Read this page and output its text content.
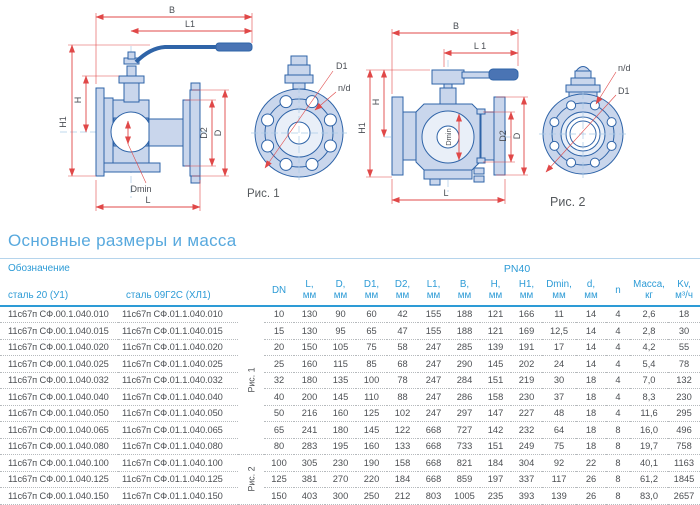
B
L1
H1
H
D2 D
Dmin
L
D1
n/d
Рис. 1
B
L 1
H1
H
Dmin	D2 D
L
n/d
D1
Рис. 2
Основные размеры и масса
Обозначение			PN40													
сталь 20 (У1)	сталь 09Г2С (ХЛ1)		DN

L,
мм

D,
мм

D1,
мм

D2,
мм

L1,
мм

B,
мм

H,
мм

H1,
мм

Dmin,
мм

d,
мм

n

Масса,
кг

Kv,
м³/ч

11с67п СФ.00.1.040.010	11с67п СФ.01.1.040.010	Рис. 1	10	130	90	60	42	155	188	121	166	11	14	4	2,6	18
11с67п СФ.00.1.040.015	11с67п СФ.01.1.040.015		15	130	95	65	47	155	188	121	169	12,5	14	4	2,8	30
11с67п СФ.00.1.040.020	11с67п СФ.01.1.040.020		20	150	105	75	58	247	285	139	191	17	14	4	4,2	55
11с67п СФ.00.1.040.025	11с67п СФ.01.1.040.025		25	160	115	85	68	247	290	145	202	24	14	4	5,4	78
11с67п СФ.00.1.040.032	11с67п СФ.01.1.040.032		32	180	135	100	78	247	284	151	219	30	18	4	7,0	132
11с67п СФ.00.1.040.040	11с67п СФ.01.1.040.040		40	200	145	110	88	247	286	158	230	37	18	4	8,3	230
11с67п СФ.00.1.040.050	11с67п СФ.01.1.040.050		50	216	160	125	102	247	297	147	227	48	18	4	11,6	295
11с67п СФ.00.1.040.065	11с67п СФ.01.1.040.065		65	241	180	145	122	668	727	142	232	64	18	8	16,0	496
11с67п СФ.00.1.040.080	11с67п СФ.01.1.040.080		80	283	195	160	133	668	733	151	249	75	18	8	19,7	758
11с67п СФ.00.1.040.100	11с67п СФ.01.1.040.100	Рис. 2	100	305	230	190	158	668	821	184	304	92	22	8	40,1	1163
11с67п СФ.00.1.040.125	11с67п СФ.01.1.040.125		125	381	270	220	184	668	859	197	337	117	26	8	61,2	1845
11с67п СФ.00.1.040.150	11с67п СФ.01.1.040.150		150	403	300	250	212	803	1005	235	393	139	26	8	83,0	2657
